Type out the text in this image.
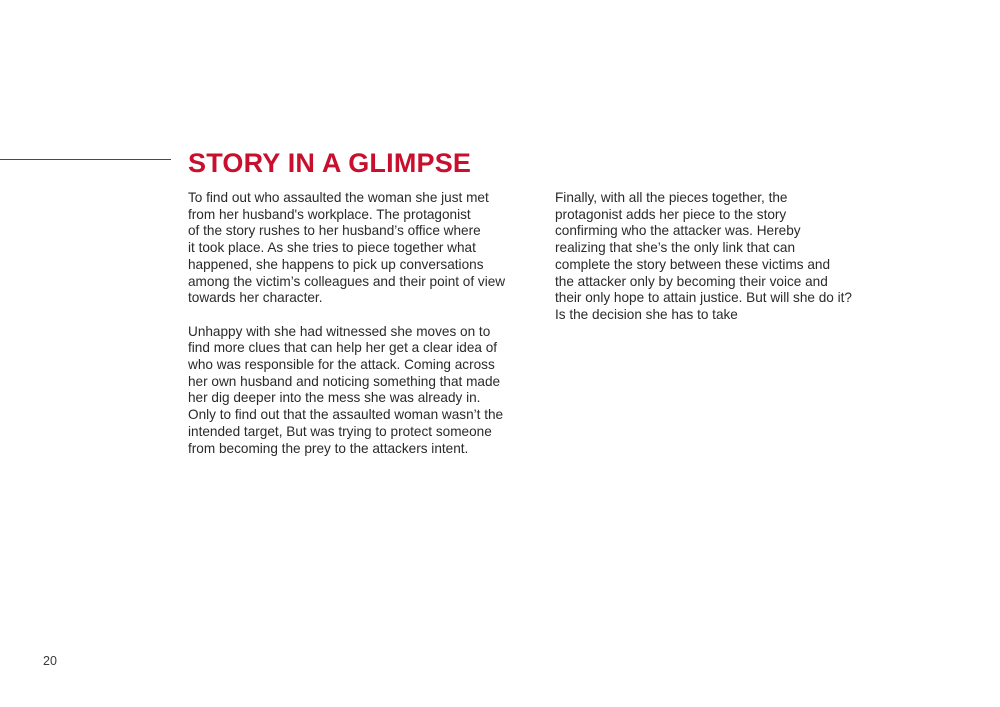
STORY IN A GLIMPSE

To find out who assaulted the woman she just met
from her husband's workplace. The protagonist
of the story rushes to her husband’s office where
it took place. As she tries to piece together what
happened, she happens to pick up conversations
among the victim’s colleagues and their point of view
towards her character.

Unhappy with she had witnessed she moves on to
find more clues that can help her get a clear idea of
who was responsible for the attack. Coming across
her own husband and noticing something that made
her dig deeper into the mess she was already in.
Only to find out that the assaulted woman wasn’t the
intended target, But was trying to protect someone
from becoming the prey to the attackers intent.

Finally, with all the pieces together, the
protagonist adds her piece to the story
confirming who the attacker was. Hereby
realizing that she’s the only link that can
complete the story between these victims and
the attacker only by becoming their voice and
their only hope to attain justice. But will she do it?
Is the decision she has to take

20
